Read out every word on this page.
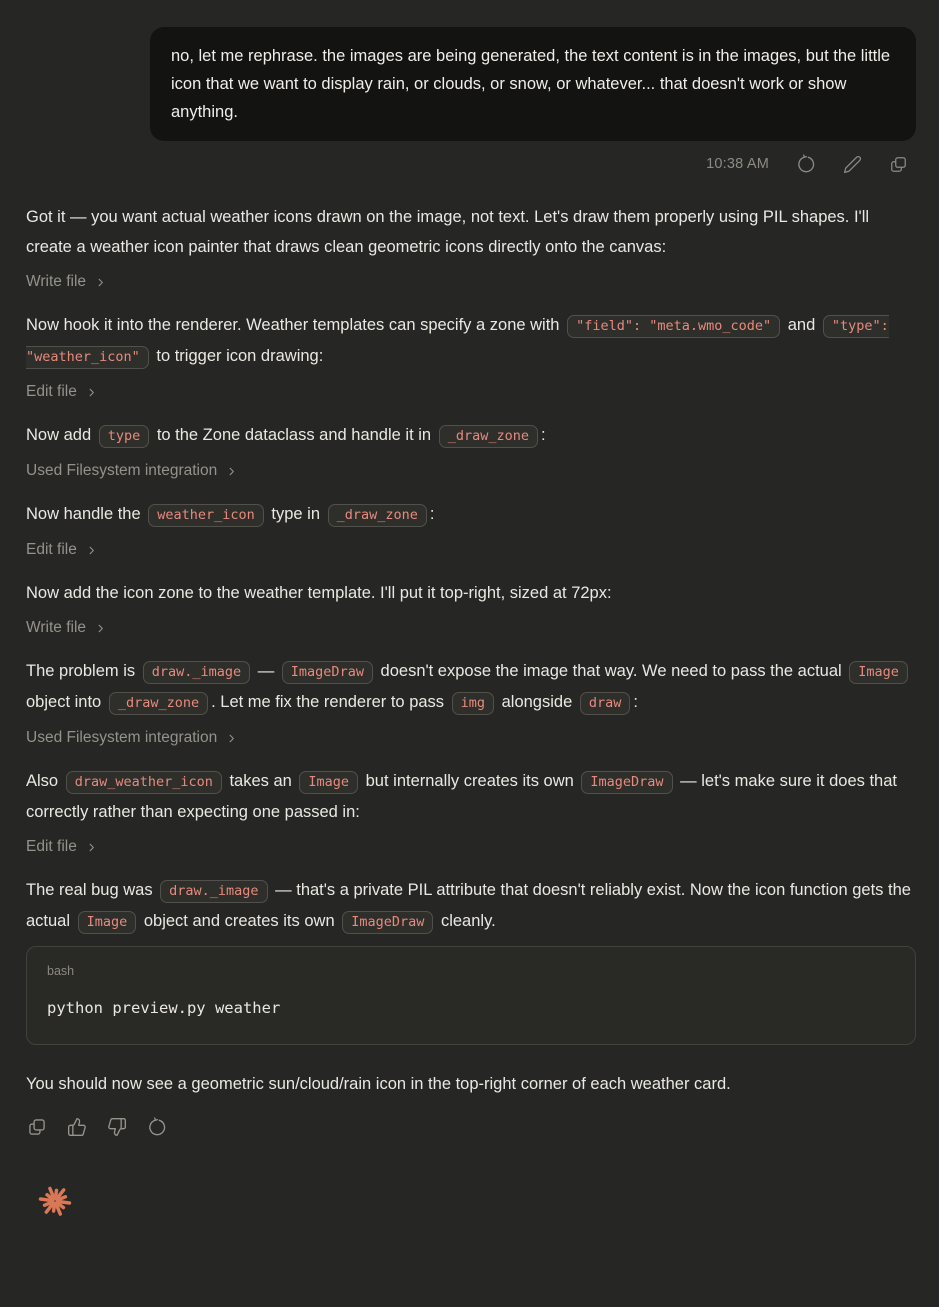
no, let me rephrase. the images are being generated, the text content is in the images, but the little icon that we want to display rain, or clouds, or snow, or whatever... that doesn't work or show anything.
10:38 AM

Got it — you want actual weather icons drawn on the image, not text. Let's draw them properly using PIL shapes. I'll create a weather icon painter that draws clean geometric icons directly onto the canvas:

Write file

Now hook it into the renderer. Weather templates can specify a zone with "field": "meta.wmo_code" and "type": "weather_icon" to trigger icon drawing:

Edit file

Now add type to the Zone dataclass and handle it in _draw_zone :

Used Filesystem integration

Now handle the weather_icon type in _draw_zone :

Edit file

Now add the icon zone to the weather template. I'll put it top-right, sized at 72px:

Write file

The problem is draw._image — ImageDraw doesn't expose the image that way. We need to pass the actual Image object into _draw_zone . Let me fix the renderer to pass img alongside draw :

Used Filesystem integration

Also draw_weather_icon takes an Image but internally creates its own ImageDraw — let's make sure it does that correctly rather than expecting one passed in:

Edit file

The real bug was draw._image — that's a private PIL attribute that doesn't reliably exist. Now the icon function gets the actual Image object and creates its own ImageDraw cleanly.

bash
python preview.py weather

You should now see a geometric sun/cloud/rain icon in the top-right corner of each weather card.
